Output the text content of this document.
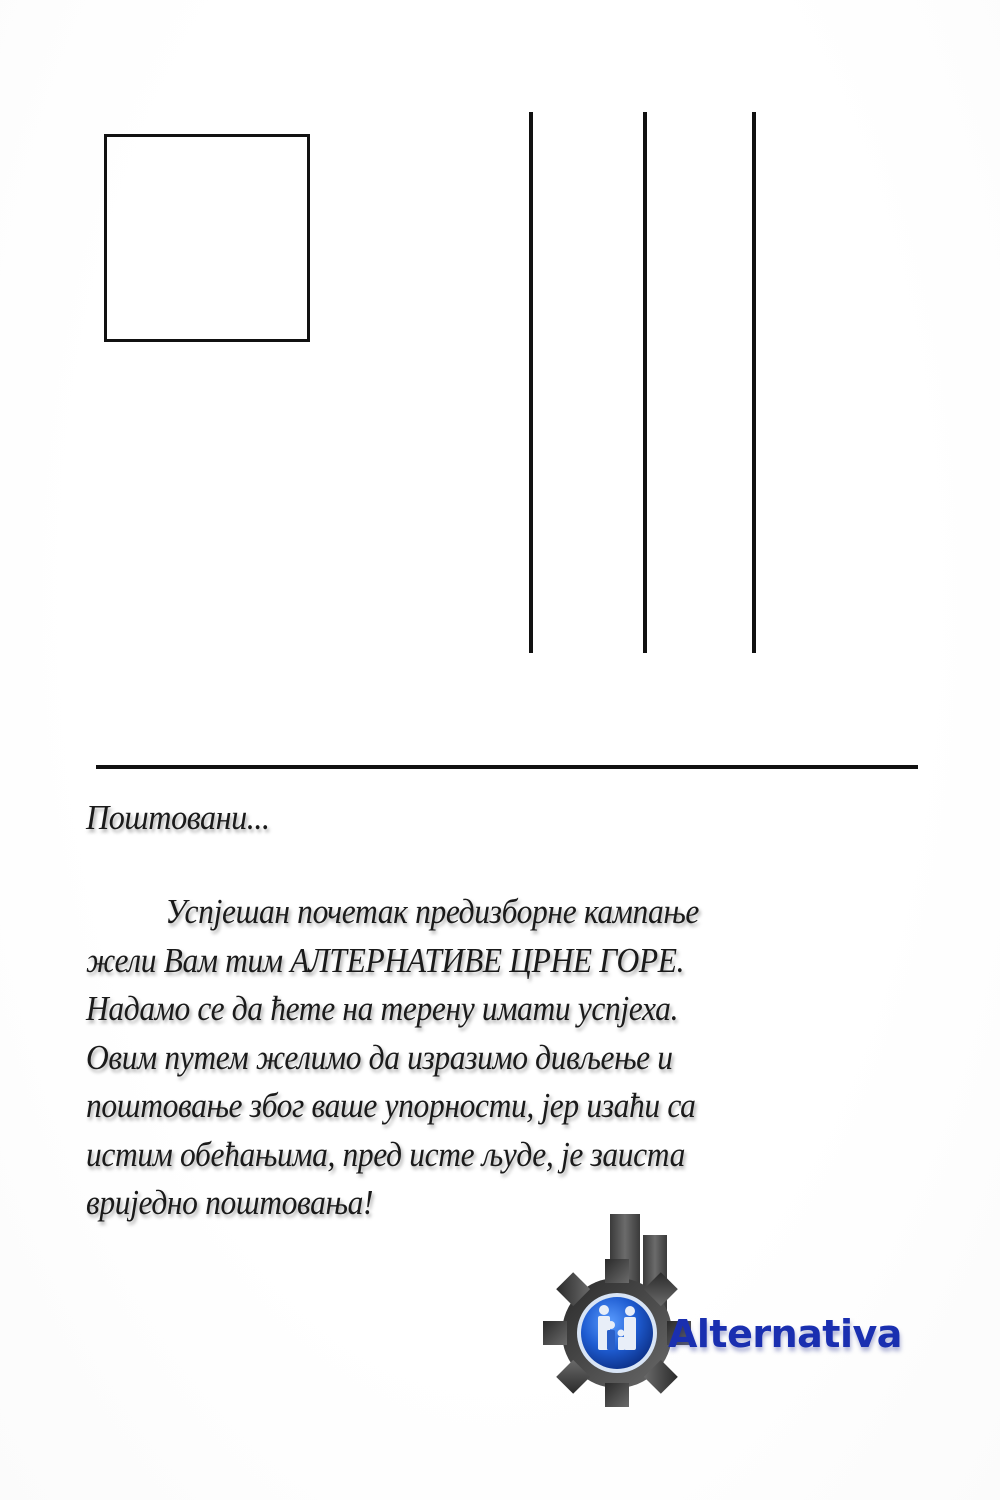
Поштовани...
Успјешан почетак предизборне кампање
жели Вам тим АЛТЕРНАТИВЕ ЦРНЕ ГОРЕ.
Надамо се да ћете на терену имати успјеха.
Овим путем желимо да изразимо дивљење и
поштовање због ваше упорности, јер изаћи са
истим обећањима, пред исте људе, је заиста
вриједно поштовања!
Alternativa
